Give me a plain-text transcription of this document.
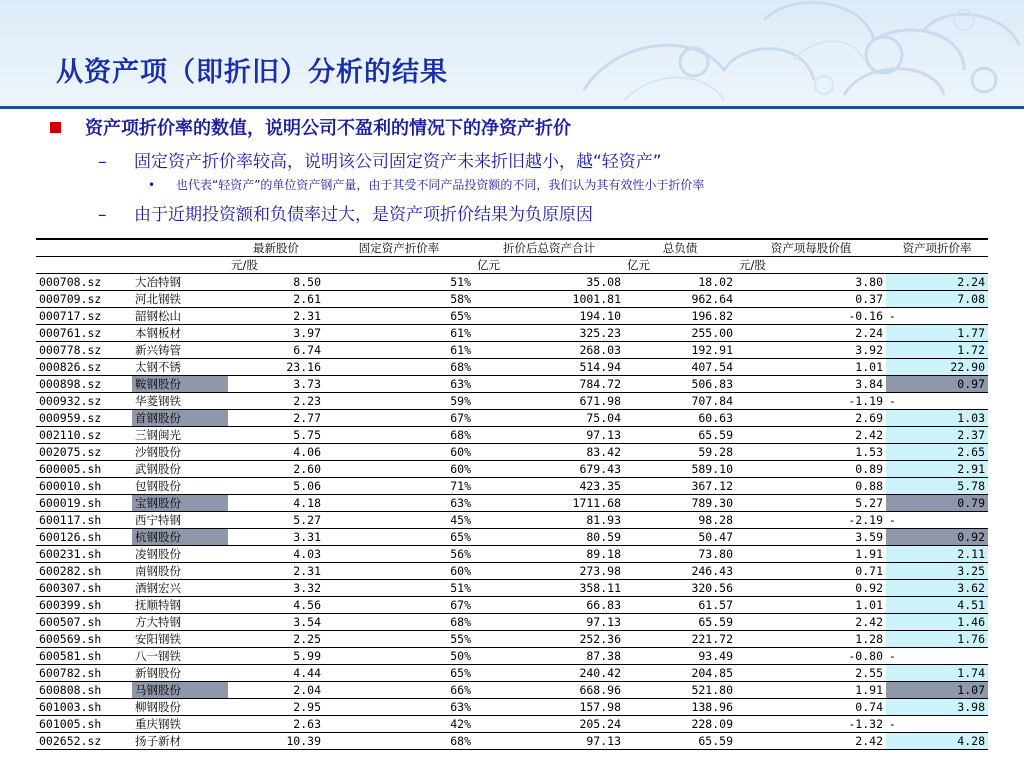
从资产项（即折旧）分析的结果
资产项折价率的数值，说明公司不盈利的情况下的净资产折价
– 固定资产折价率较高，说明该公司固定资产未来折旧越小，越“轻资产”
• 也代表“轻资产”的单位资产钢产量，由于其受不同产品投资额的不同，我们认为其有效性小于折价率
– 由于近期投资额和负债率过大，是资产项折价结果为负原原因
		最新股价	固定资产折价率	折价后总资产合计	总负债	资产项每股价值	资产项折价率
		元/股		亿元	亿元	元/股	
000708.sz	大冶特钢	8.50	51%	35.08	18.02	3.80	2.24
000709.sz	河北钢铁	2.61	58%	1001.81	962.64	0.37	7.08
000717.sz	韶钢松山	2.31	65%	194.10	196.82	-0.16	-
000761.sz	本钢板材	3.97	61%	325.23	255.00	2.24	1.77
000778.sz	新兴铸管	6.74	61%	268.03	192.91	3.92	1.72
000826.sz	太钢不锈	23.16	68%	514.94	407.54	1.01	22.90
000898.sz	鞍钢股份	3.73	63%	784.72	506.83	3.84	0.97
000932.sz	华菱钢铁	2.23	59%	671.98	707.84	-1.19	-
000959.sz	首钢股份	2.77	67%	75.04	60.63	2.69	1.03
002110.sz	三钢闽光	5.75	68%	97.13	65.59	2.42	2.37
002075.sz	沙钢股份	4.06	60%	83.42	59.28	1.53	2.65
600005.sh	武钢股份	2.60	60%	679.43	589.10	0.89	2.91
600010.sh	包钢股份	5.06	71%	423.35	367.12	0.88	5.78
600019.sh	宝钢股份	4.18	63%	1711.68	789.30	5.27	0.79
600117.sh	西宁特钢	5.27	45%	81.93	98.28	-2.19	-
600126.sh	杭钢股份	3.31	65%	80.59	50.47	3.59	0.92
600231.sh	凌钢股份	4.03	56%	89.18	73.80	1.91	2.11
600282.sh	南钢股份	2.31	60%	273.98	246.43	0.71	3.25
600307.sh	酒钢宏兴	3.32	51%	358.11	320.56	0.92	3.62
600399.sh	抚顺特钢	4.56	67%	66.83	61.57	1.01	4.51
600507.sh	方大特钢	3.54	68%	97.13	65.59	2.42	1.46
600569.sh	安阳钢铁	2.25	55%	252.36	221.72	1.28	1.76
600581.sh	八一钢铁	5.99	50%	87.38	93.49	-0.80	-
600782.sh	新钢股份	4.44	65%	240.42	204.85	2.55	1.74
600808.sh	马钢股份	2.04	66%	668.96	521.80	1.91	1.07
601003.sh	柳钢股份	2.95	63%	157.98	138.96	0.74	3.98
601005.sh	重庆钢铁	2.63	42%	205.24	228.09	-1.32	-
002652.sz	扬子新材	10.39	68%	97.13	65.59	2.42	4.28
